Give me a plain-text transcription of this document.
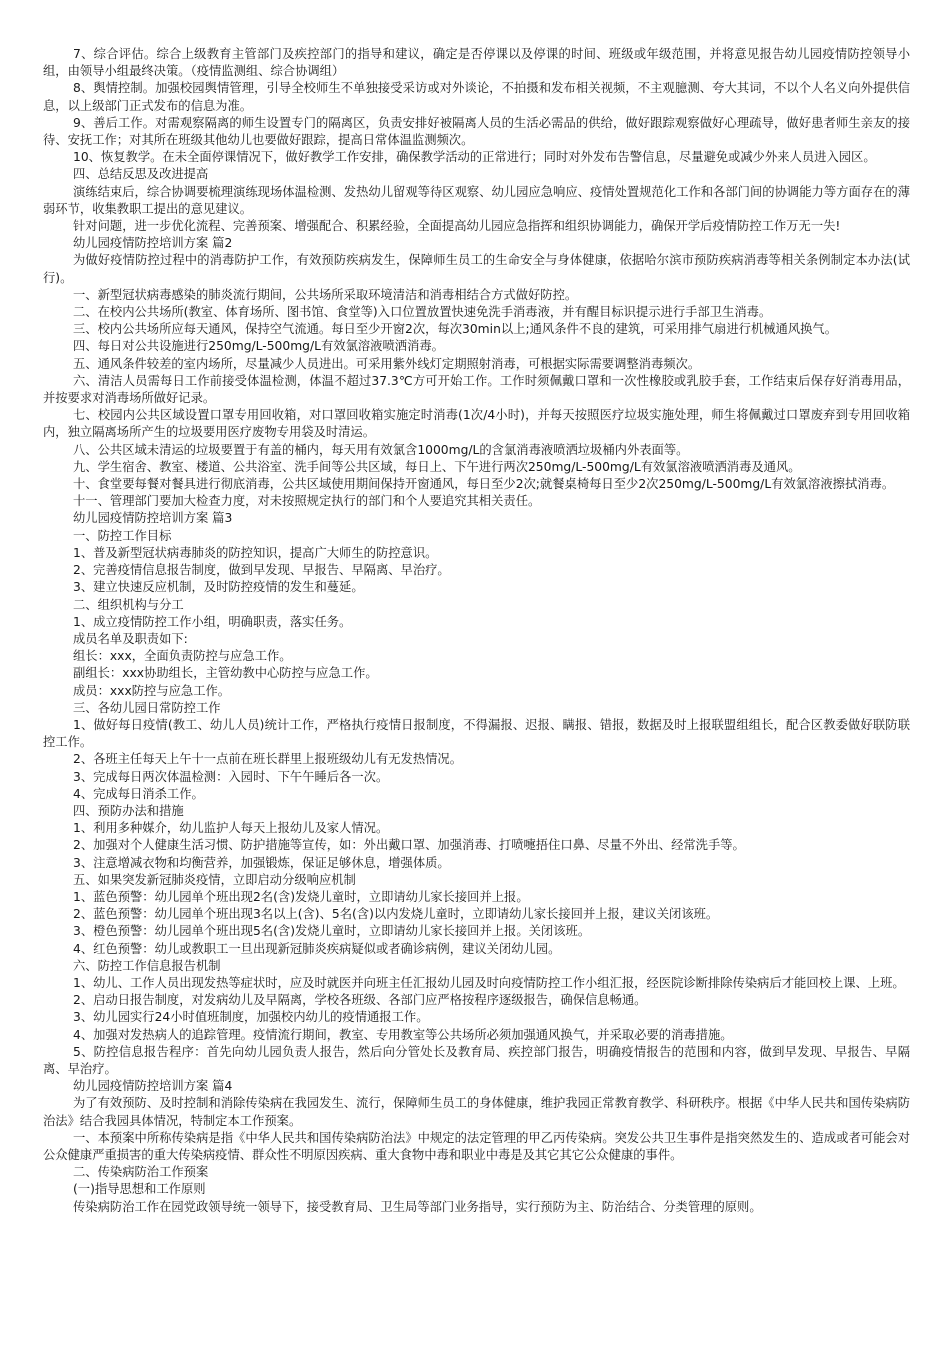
7、综合评估。综合上级教育主管部门及疾控部门的指导和建议，确定是否停课以及停课的时间、班级或年级范围，并将意见报告幼儿园疫情防控领导小组，由领导小组最终决策。（疫情监测组、综合协调组）

8、舆情控制。加强校园舆情管理，引导全校师生不单独接受采访或对外谈论，不拍摄和发布相关视频，不主观臆测、夸大其词，不以个人名义向外提供信息，以上级部门正式发布的信息为准。

9、善后工作。对需观察隔离的师生设置专门的隔离区，负责安排好被隔离人员的生活必需品的供给，做好跟踪观察做好心理疏导，做好患者师生亲友的接待、安抚工作；对其所在班级其他幼儿也要做好跟踪，提高日常体温监测频次。

10、恢复教学。在未全面停课情况下，做好教学工作安排，确保教学活动的正常进行；同时对外发布告警信息，尽量避免或减少外来人员进入园区。

四、总结反思及改进提高

演练结束后，综合协调要梳理演练现场体温检测、发热幼儿留观等待区观察、幼儿园应急响应、疫情处置规范化工作和各部门间的协调能力等方面存在的薄弱环节，收集教职工提出的意见建议。

针对问题，进一步优化流程、完善预案、增强配合、积累经验，全面提高幼儿园应急指挥和组织协调能力，确保开学后疫情防控工作万无一失!

幼儿园疫情防控培训方案 篇2

为做好疫情防控过程中的消毒防护工作，有效预防疾病发生，保障师生员工的生命安全与身体健康，依据哈尔滨市预防疾病消毒等相关条例制定本办法(试行)。

一、新型冠状病毒感染的肺炎流行期间，公共场所采取环境清洁和消毒相结合方式做好防控。

二、在校内公共场所(教室、体育场所、图书馆、食堂等)入口位置放置快速免洗手消毒液，并有醒目标识提示进行手部卫生消毒。

三、校内公共场所应每天通风，保持空气流通。每日至少开窗2次，每次30min以上;通风条件不良的建筑，可采用排气扇进行机械通风换气。

四、每日对公共设施进行250mg/L-500mg/L有效氯溶液喷洒消毒。

五、通风条件较差的室内场所，尽量减少人员进出。可采用紫外线灯定期照射消毒，可根据实际需要调整消毒频次。

六、清洁人员需每日工作前接受体温检测，体温不超过37.3℃方可开始工作。工作时须佩戴口罩和一次性橡胶或乳胶手套，工作结束后保存好消毒用品，并按要求对消毒场所做好记录。

七、校园内公共区域设置口罩专用回收箱，对口罩回收箱实施定时消毒(1次/4小时)，并每天按照医疗垃圾实施处理，师生将佩戴过口罩废弃到专用回收箱内，独立隔离场所产生的垃圾要用医疗废物专用袋及时清运。

八、公共区域未清运的垃圾要置于有盖的桶内，每天用有效氯含1000mg/L的含氯消毒液喷洒垃圾桶内外表面等。

九、学生宿舍、教室、楼道、公共浴室、洗手间等公共区域，每日上、下午进行两次250mg/L-500mg/L有效氯溶液喷洒消毒及通风。

十、食堂要每餐对餐具进行彻底消毒，公共区域使用期间保持开窗通风，每日至少2次;就餐桌椅每日至少2次250mg/L-500mg/L有效氯溶液擦拭消毒。

十一、管理部门要加大检查力度，对未按照规定执行的部门和个人要追究其相关责任。

幼儿园疫情防控培训方案 篇3

一、防控工作目标

1、普及新型冠状病毒肺炎的防控知识，提高广大师生的防控意识。

2、完善疫情信息报告制度，做到早发现、早报告、早隔离、早治疗。

3、建立快速反应机制，及时防控疫情的发生和蔓延。

二、组织机构与分工

1、成立疫情防控工作小组，明确职责，落实任务。

成员名单及职责如下:

组长：xxx，全面负责防控与应急工作。

副组长：xxx协助组长，主管幼教中心防控与应急工作。

成员：xxx防控与应急工作。

三、各幼儿园日常防控工作

1、做好每日疫情(教工、幼儿人员)统计工作，严格执行疫情日报制度，不得漏报、迟报、瞒报、错报，数据及时上报联盟组组长，配合区教委做好联防联控工作。

2、各班主任每天上午十一点前在班长群里上报班级幼儿有无发热情况。

3、完成每日两次体温检测：入园时、下午午睡后各一次。

4、完成每日消杀工作。

四、预防办法和措施

1、利用多种媒介，幼儿监护人每天上报幼儿及家人情况。

2、加强对个人健康生活习惯、防护措施等宣传，如：外出戴口罩、加强消毒、打喷嚏捂住口鼻、尽量不外出、经常洗手等。

3、注意增减衣物和均衡营养，加强锻炼，保证足够休息，增强体质。

五、如果突发新冠肺炎疫情，立即启动分级响应机制

1、蓝色预警：幼儿园单个班出现2名(含)发烧儿童时，立即请幼儿家长接回并上报。

2、蓝色预警：幼儿园单个班出现3名以上(含)、5名(含)以内发烧儿童时，立即请幼儿家长接回并上报，建议关闭该班。

3、橙色预警：幼儿园单个班出现5名(含)发烧儿童时，立即请幼儿家长接回并上报。关闭该班。

4、红色预警：幼儿或教职工一旦出现新冠肺炎疾病疑似或者确诊病例，建议关闭幼儿园。

六、防控工作信息报告机制

1、幼儿、工作人员出现发热等症状时，应及时就医并向班主任汇报幼儿园及时向疫情防控工作小组汇报，经医院诊断排除传染病后才能回校上课、上班。

2、启动日报告制度，对发病幼儿及早隔离，学校各班级、各部门应严格按程序逐级报告，确保信息畅通。

3、幼儿园实行24小时值班制度，加强校内幼儿的疫情通报工作。

4、加强对发热病人的追踪管理。疫情流行期间，教室、专用教室等公共场所必须加强通风换气，并采取必要的消毒措施。

5、防控信息报告程序：首先向幼儿园负责人报告，然后向分管处长及教育局、疾控部门报告，明确疫情报告的范围和内容，做到早发现、早报告、早隔离、早治疗。

幼儿园疫情防控培训方案 篇4

为了有效预防、及时控制和消除传染病在我园发生、流行，保障师生员工的身体健康，维护我园正常教育教学、科研秩序。根据《中华人民共和国传染病防治法》结合我园具体情况，特制定本工作预案。

一、本预案中所称传染病是指《中华人民共和国传染病防治法》中规定的法定管理的甲乙丙传染病。突发公共卫生事件是指突然发生的、造成或者可能会对公众健康严重损害的重大传染病疫情、群众性不明原因疾病、重大食物中毒和职业中毒是及其它其它公众健康的事件。

二、传染病防治工作预案

(一)指导思想和工作原则

传染病防治工作在园党政领导统一领导下，接受教育局、卫生局等部门业务指导，实行预防为主、防治结合、分类管理的原则。
